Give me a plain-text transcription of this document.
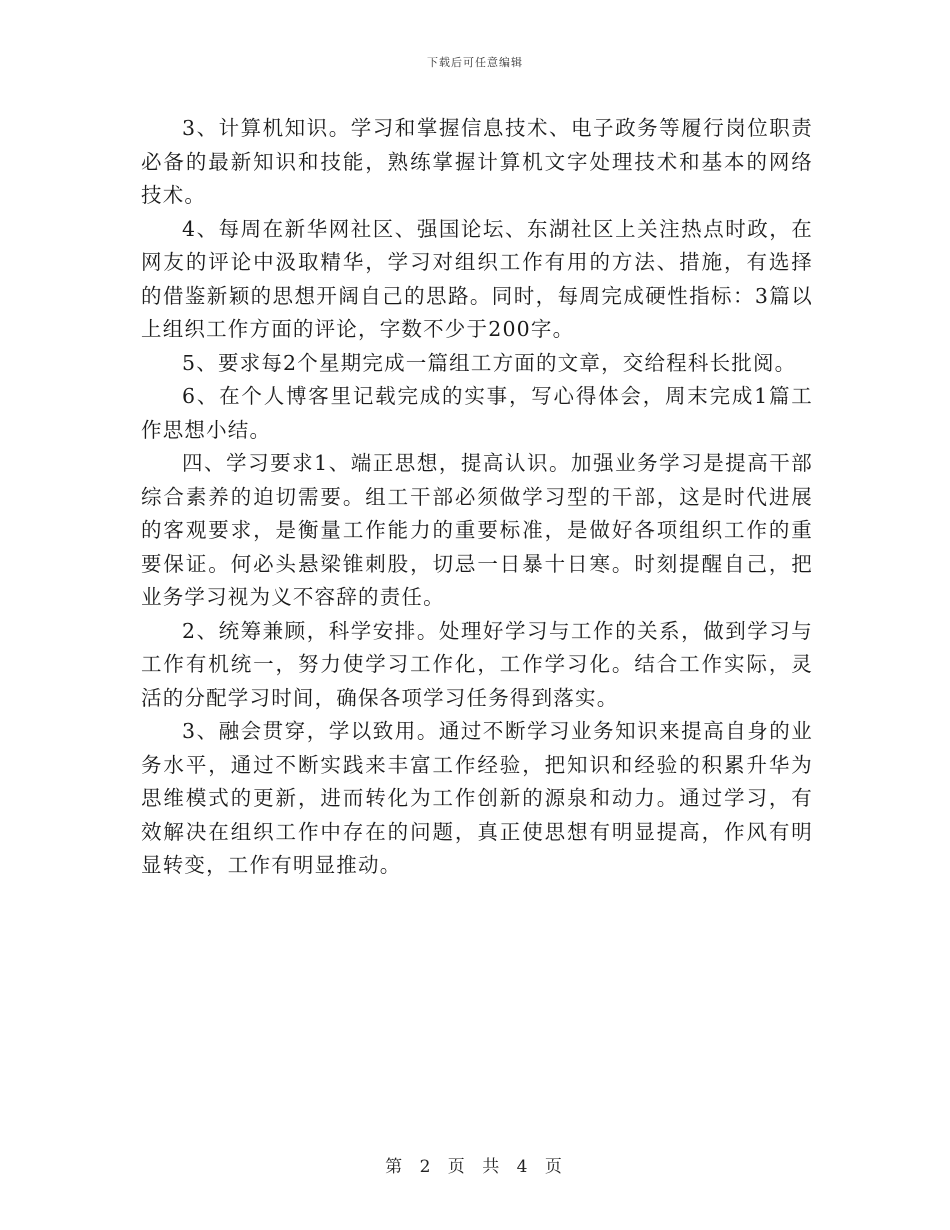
下载后可任意编辑

3、计算机知识。学习和掌握信息技术、电子政务等履行岗位职责必备的最新知识和技能，熟练掌握计算机文字处理技术和基本的网络技术。

4、每周在新华网社区、强国论坛、东湖社区上关注热点时政，在网友的评论中汲取精华，学习对组织工作有用的方法、措施，有选择的借鉴新颖的思想开阔自己的思路。同时，每周完成硬性指标：3篇以上组织工作方面的评论，字数不少于200字。

5、要求每2个星期完成一篇组工方面的文章，交给程科长批阅。

6、在个人博客里记载完成的实事，写心得体会，周末完成1篇工作思想小结。

四、学习要求1、端正思想，提高认识。加强业务学习是提高干部综合素养的迫切需要。组工干部必须做学习型的干部，这是时代进展的客观要求，是衡量工作能力的重要标准，是做好各项组织工作的重要保证。何必头悬梁锥刺股，切忌一日暴十日寒。时刻提醒自己，把业务学习视为义不容辞的责任。

2、统筹兼顾，科学安排。处理好学习与工作的关系，做到学习与工作有机统一，努力使学习工作化，工作学习化。结合工作实际，灵活的分配学习时间，确保各项学习任务得到落实。

3、融会贯穿，学以致用。通过不断学习业务知识来提高自身的业务水平，通过不断实践来丰富工作经验，把知识和经验的积累升华为思维模式的更新，进而转化为工作创新的源泉和动力。通过学习，有效解决在组织工作中存在的问题，真正使思想有明显提高，作风有明显转变，工作有明显推动。

第 2 页 共 4 页
